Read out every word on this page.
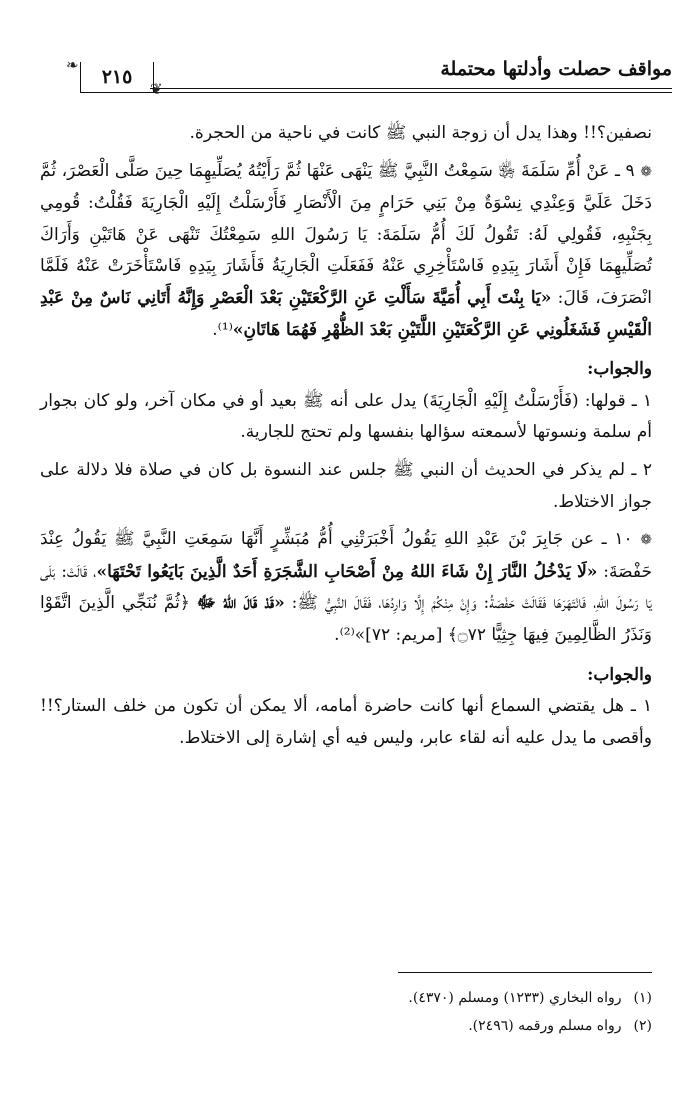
مواقف حصلت وأدلتها محتملة
❦
❧
٢١٥

نصفين؟!! وهذا يدل أن زوجة النبي ﷺ كانت في ناحية من الحجرة.

❁ ٩ ـ عَنْ أُمِّ سَلَمَةَ ﵂ سَمِعْتُ النَّبِيَّ ﷺ يَنْهَى عَنْهَا ثُمَّ رَأَيْتُهُ يُصَلِّيهِمَا حِينَ صَلَّى الْعَصْرَ، ثُمَّ دَخَلَ عَلَيَّ وَعِنْدِي نِسْوَةٌ مِنْ بَنِي حَرَامٍ مِنَ الْأَنْصَارِ فَأَرْسَلْتُ إِلَيْهِ الْجَارِيَةَ فَقُلْتُ: قُومِي بِجَنْبِهِ، فَقُولِي لَهُ: تَقُولُ لَكَ أُمُّ سَلَمَةَ: يَا رَسُولَ اللهِ سَمِعْتُكَ تَنْهَى عَنْ هَاتَيْنِ وَأَرَاكَ تُصَلِّيهِمَا فَإِنْ أَشَارَ بِيَدِهِ فَاسْتَأْخِرِي عَنْهُ فَفَعَلَتِ الْجَارِيَةُ فَأَشَارَ بِيَدِهِ فَاسْتَأْخَرَتْ عَنْهُ فَلَمَّا انْصَرَفَ، قَالَ: «يَا بِنْتَ أَبِي أُمَيَّةَ سَأَلْتِ عَنِ الرَّكْعَتَيْنِ بَعْدَ الْعَصْرِ وَإِنَّهُ أَتَانِي نَاسٌ مِنْ عَبْدِ الْقَيْسِ فَشَغَلُونِي عَنِ الرَّكْعَتَيْنِ اللَّتَيْنِ بَعْدَ الظُّهْرِ فَهُمَا هَاتَانِ»⁽¹⁾.

والجواب:

١ ـ قولها: (فَأَرْسَلْتُ إِلَيْهِ الْجَارِيَةَ) يدل على أنه ﷺ بعيد أو في مكان آخر، ولو كان بجوار أم سلمة ونسوتها لأسمعته سؤالها بنفسها ولم تحتج للجارية.

٢ ـ لم يذكر في الحديث أن النبي ﷺ جلس عند النسوة بل كان في صلاة فلا دلالة على جواز الاختلاط.

❁ ١٠ ـ عن جَابِرَ بْنَ عَبْدِ اللهِ يَقُولُ أَخْبَرَتْنِي أُمُّ مُبَشِّرٍ أَنَّهَا سَمِعَتِ النَّبِيَّ ﷺ يَقُولُ عِنْدَ حَفْصَةَ: «لَا يَدْخُلُ النَّارَ إِنْ شَاءَ اللهُ مِنْ أَصْحَابِ الشَّجَرَةِ أَحَدٌ الَّذِينَ بَايَعُوا تَحْتَهَا»، قَالَتْ: بَلَى يَا رَسُولَ اللهِ، فَانْتَهَرَهَا فَقَالَتْ حَفْصَةُ: وَإِنْ مِنْكُمْ إِلَّا وَارِدُهَا، فَقَالَ النَّبِيُّ ﷺ: «قَدْ قَالَ اللهُ ﷻ ﴿ثُمَّ نُنَجِّي الَّذِينَ اتَّقَوْا وَنَذَرُ الظَّالِمِينَ فِيهَا جِثِيًّا ۝٧٢﴾ [مريم: ٧٢]»⁽²⁾.

والجواب:

١ ـ هل يقتضي السماع أنها كانت حاضرة أمامه، ألا يمكن أن تكون من خلف الستار؟!! وأقصى ما يدل عليه أنه لقاء عابر، وليس فيه أي إشارة إلى الاختلاط.

(١) رواه البخاري (١٢٣٣) ومسلم (٤٣٧٠).
(٢) رواه مسلم ورقمه (٢٤٩٦).
